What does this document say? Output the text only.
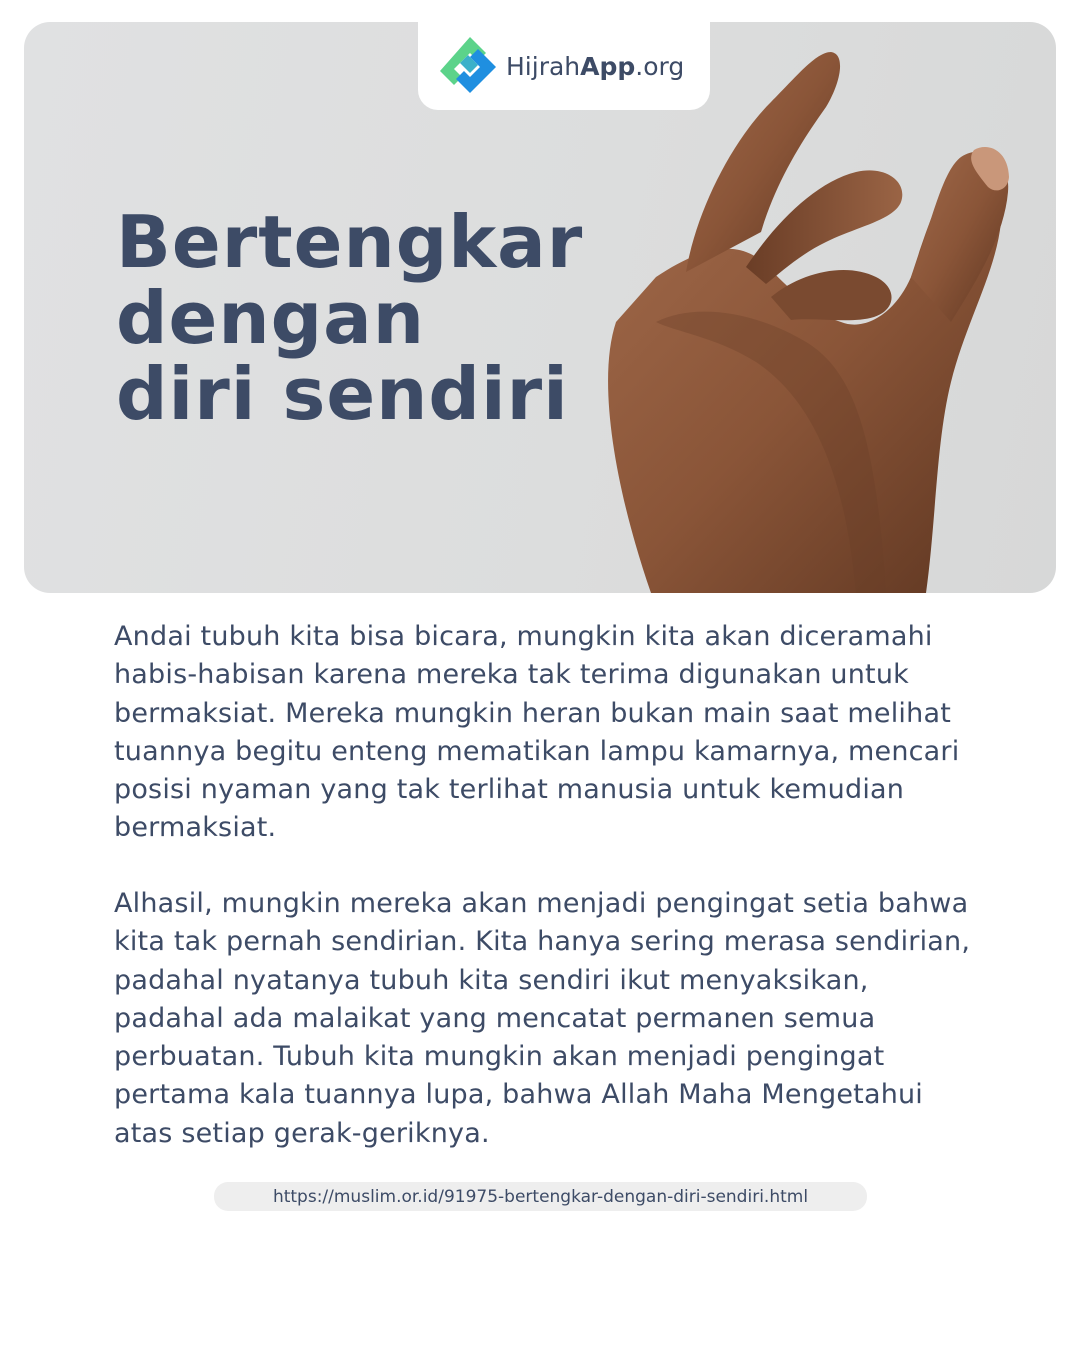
Bertengkar
dengan
diri sendiri
HijrahApp.org

Andai tubuh kita bisa bicara, mungkin kita akan diceramahi habis-habisan karena mereka tak terima digunakan untuk bermaksiat. Mereka mungkin heran bukan main saat melihat tuannya begitu enteng mematikan lampu kamarnya, mencari posisi nyaman yang tak terlihat manusia untuk kemudian bermaksiat.

Alhasil, mungkin mereka akan menjadi pengingat setia bahwa kita tak pernah sendirian. Kita hanya sering merasa sendirian, padahal nyatanya tubuh kita sendiri ikut menyaksikan, padahal ada malaikat yang mencatat permanen semua perbuatan. Tubuh kita mungkin akan menjadi pengingat pertama kala tuannya lupa, bahwa Allah Maha Mengetahui atas setiap gerak-geriknya.

https://muslim.or.id/91975-bertengkar-dengan-diri-sendiri.html
